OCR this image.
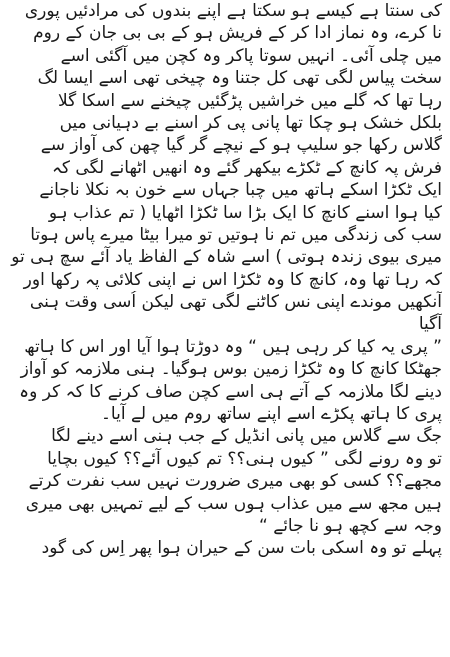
کی سنتا ہے کیسے ہو سکتا ہے اپنے بندوں کی مرادئیں پوری
نا کرے، وہ نماز ادا کر کے فریش ہو کے بی بی جان کے روم
میں چلی آئی۔ انہیں سوتا پاکر وہ کچن میں آگئی اسے
سخت پیاس لگی تھی کل جتنا وہ چیخی تھی اسے ایسا لگ
رہا تھا کہ گلے میں خراشیں پڑگئیں چیخنے سے اسکا گلا
بلکل خشک ہو چکا تھا پانی پی کر اسنے بے دہیانی میں
گلاس رکھا جو سلیپ ہو کے نیچے گر گیا چھن کی آواز سے
فرش پہ کانچ کے ٹکڑے بیکھر گئے وہ انھیں اٹھانے لگی کہ
ایک ٹکڑا اسکے ہاتھ میں چبا جہاں سے خون بہ نکلا ناجانے
کیا ہوا اسنے کانچ کا ایک بڑا سا ٹکڑا اٹھایا ( تم عذاب ہو
سب کی زندگی میں تم نا ہوتیں تو میرا بیٹا میرے پاس ہوتا
میری بیوی زندہ ہوتی ) اسے شاہ کے الفاظ یاد آئے سچ ہی تو
کہ رہا تھا وہ، کانچ کا وہ ٹکڑا اس نے اپنی کلائی پہ رکھا اور
آنکھیں موندے اپنی نس کاٹنے لگی تھی لیکن اُسی وقت ہنی
آگیا
” پری یہ کیا کر رہی ہیں “ وہ دوڑتا ہوا آیا اور اس کا ہاتھ
جھٹکا کانچ کا وہ ٹکڑا زمین بوس ہوگیا۔ ہنی ملازمہ کو آواز
دینے لگا ملازمہ کے آتے ہی اسے کچن صاف کرنے کا کہ کر وہ
پری کا ہاتھ پکڑے اسے اپنے ساتھ روم میں لے آیا۔
جگ سے گلاس میں پانی انڈیل کے جب ہنی اسے دینے لگا
تو وہ رونے لگی ” کیوں ہنی؟؟ تم کیوں آئے؟؟ کیوں بچایا
مجھے؟؟ کسی کو بھی میری ضرورت نہیں سب نفرت کرتے
ہیں مجھ سے میں عذاب ہوں سب کے لیے تمہیں بھی میری
وجہ سے کچھ ہو نا جائے “
پہلے تو وہ اسکی بات سن کے حیران ہوا پھر اِس کی گود
